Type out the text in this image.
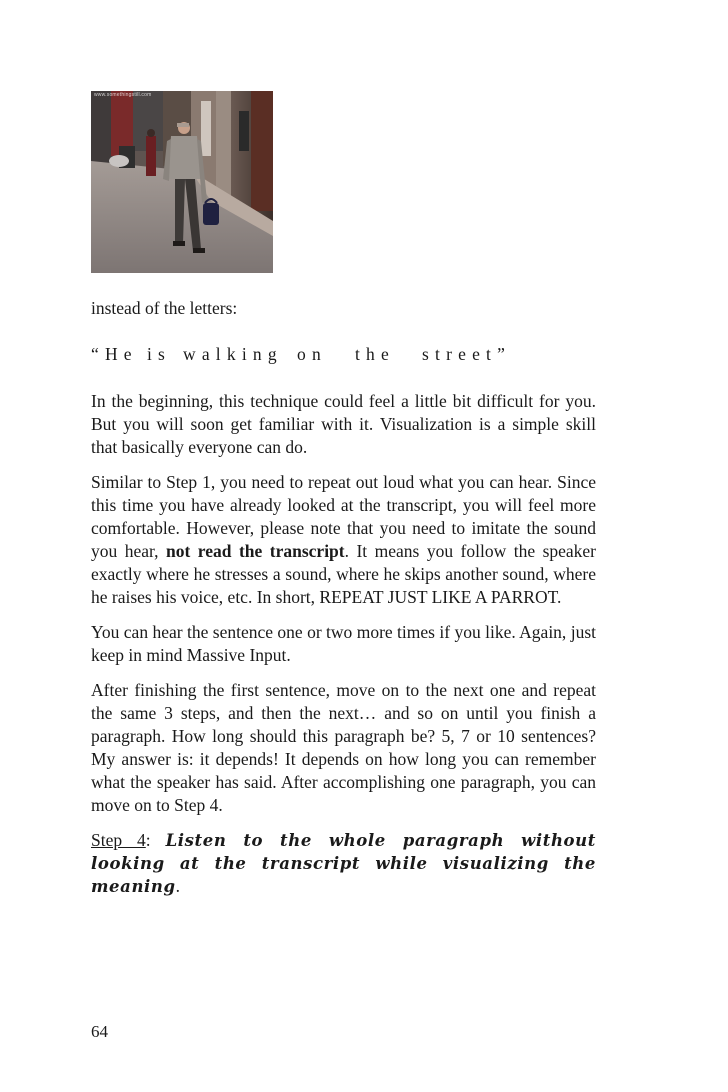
www.somethingstill.com

instead of the letters:

“He is walking on the street”

In the beginning, this technique could feel a little bit difficult for you. But you will soon get familiar with it. Visualization is a simple skill that basically everyone can do.

Similar to Step 1, you need to repeat out loud what you can hear. Since this time you have already looked at the transcript, you will feel more comfortable. However, please note that you need to imitate the sound you hear, not read the transcript. It means you follow the speaker exactly where he stresses a sound, where he skips another sound, where he raises his voice, etc. In short, REPEAT JUST LIKE A PARROT.

You can hear the sentence one or two more times if you like. Again, just keep in mind Massive Input.

After finishing the first sentence, move on to the next one and repeat the same 3 steps, and then the next… and so on until you finish a paragraph. How long should this paragraph be? 5, 7 or 10 sentences? My answer is: it depends! It depends on how long you can remember what the speaker has said. After accomplishing one paragraph, you can move on to Step 4.

Step 4: Listen to the whole paragraph without looking at the transcript while visualizing the meaning.

64
